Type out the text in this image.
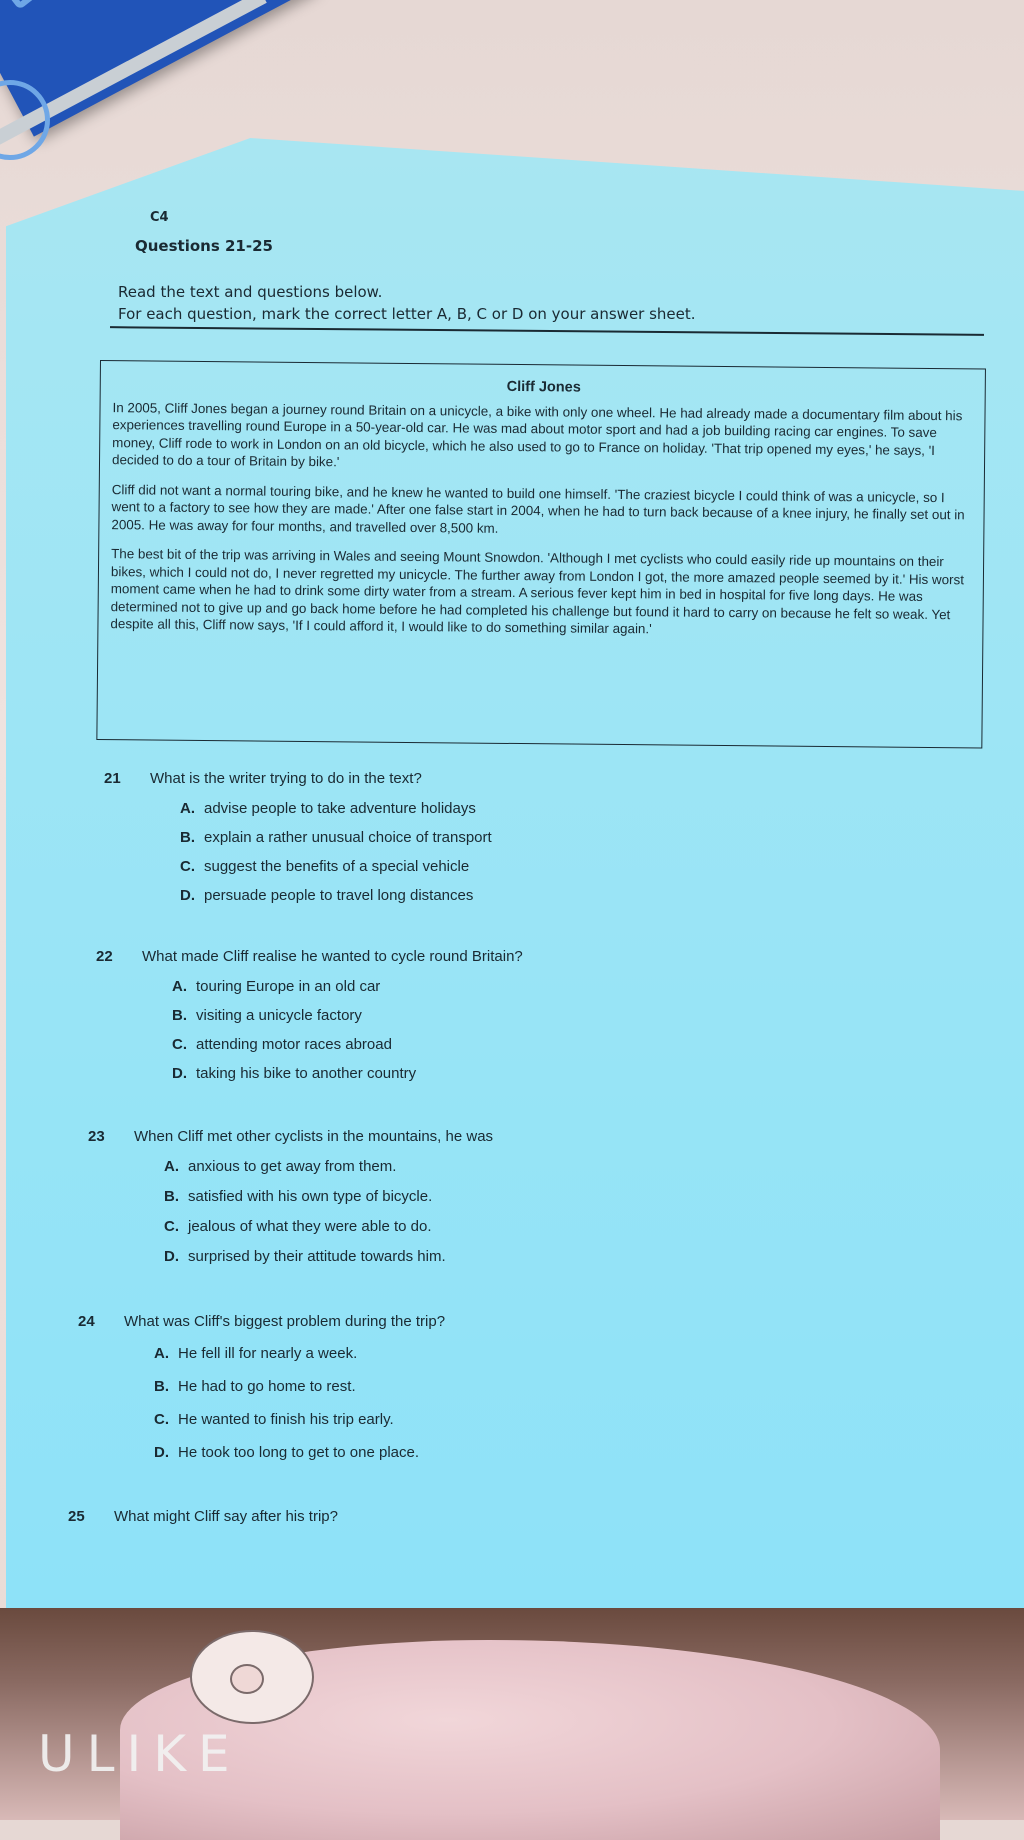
C4
Questions 21-25
Read the text and questions below.
For each question, mark the correct letter A, B, C or D on your answer sheet.
Cliff Jones

In 2005, Cliff Jones began a journey round Britain on a unicycle, a bike with only one wheel. He had already made a documentary film about his experiences travelling round Europe in a 50-year-old car. He was mad about motor sport and had a job building racing car engines. To save money, Cliff rode to work in London on an old bicycle, which he also used to go to France on holiday. 'That trip opened my eyes,' he says, 'I decided to do a tour of Britain by bike.'

Cliff did not want a normal touring bike, and he knew he wanted to build one himself. 'The craziest bicycle I could think of was a unicycle, so I went to a factory to see how they are made.' After one false start in 2004, when he had to turn back because of a knee injury, he finally set out in 2005. He was away for four months, and travelled over 8,500 km.

The best bit of the trip was arriving in Wales and seeing Mount Snowdon. 'Although I met cyclists who could easily ride up mountains on their bikes, which I could not do, I never regretted my unicycle. The further away from London I got, the more amazed people seemed by it.' His worst moment came when he had to drink some dirty water from a stream. A serious fever kept him in bed in hospital for five long days. He was determined not to give up and go back home before he had completed his challenge but found it hard to carry on because he felt so weak. Yet despite all this, Cliff now says, 'If I could afford it, I would like to do something similar again.'

21 What is the writer trying to do in the text?
A. advise people to take adventure holidays
B. explain a rather unusual choice of transport
C. suggest the benefits of a special vehicle
D. persuade people to travel long distances
22 What made Cliff realise he wanted to cycle round Britain?
A. touring Europe in an old car
B. visiting a unicycle factory
C. attending motor races abroad
D. taking his bike to another country
23 When Cliff met other cyclists in the mountains, he was
A. anxious to get away from them.
B. satisfied with his own type of bicycle.
C. jealous of what they were able to do.
D. surprised by their attitude towards him.
24 What was Cliff's biggest problem during the trip?
A. He fell ill for nearly a week.
B. He had to go home to rest.
C. He wanted to finish his trip early.
D. He took too long to get to one place.
25 What might Cliff say after his trip?
ULIKE
